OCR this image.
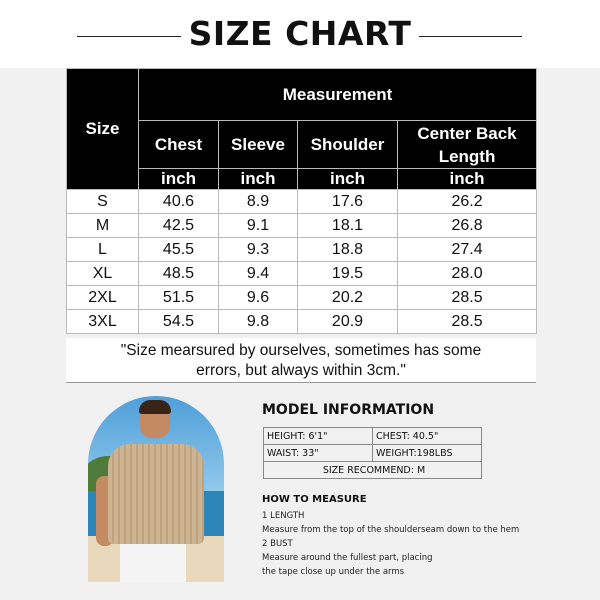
SIZE CHART
Size	Measurement			
	Chest	Sleeve	Shoulder	Center Back Length
	inch	inch	inch	inch
S	40.6	8.9	17.6	26.2
M	42.5	9.1	18.1	26.8
L	45.5	9.3	18.8	27.4
XL	48.5	9.4	19.5	28.0
2XL	51.5	9.6	20.2	28.5
3XL	54.5	9.8	20.9	28.5
"Size mearsured by ourselves, sometimes has some
errors, but always within 3cm."
MODEL INFORMATION
HEIGHT: 6'1"	CHEST: 40.5"
WAIST: 33"	WEIGHT:198LBS
SIZE RECOMMEND: M	
HOW TO MEASURE
1 LENGTH
Measure from the top of the shoulderseam down to the hem
2 BUST
Measure around the fullest part, placing
the tape close up under the arms
